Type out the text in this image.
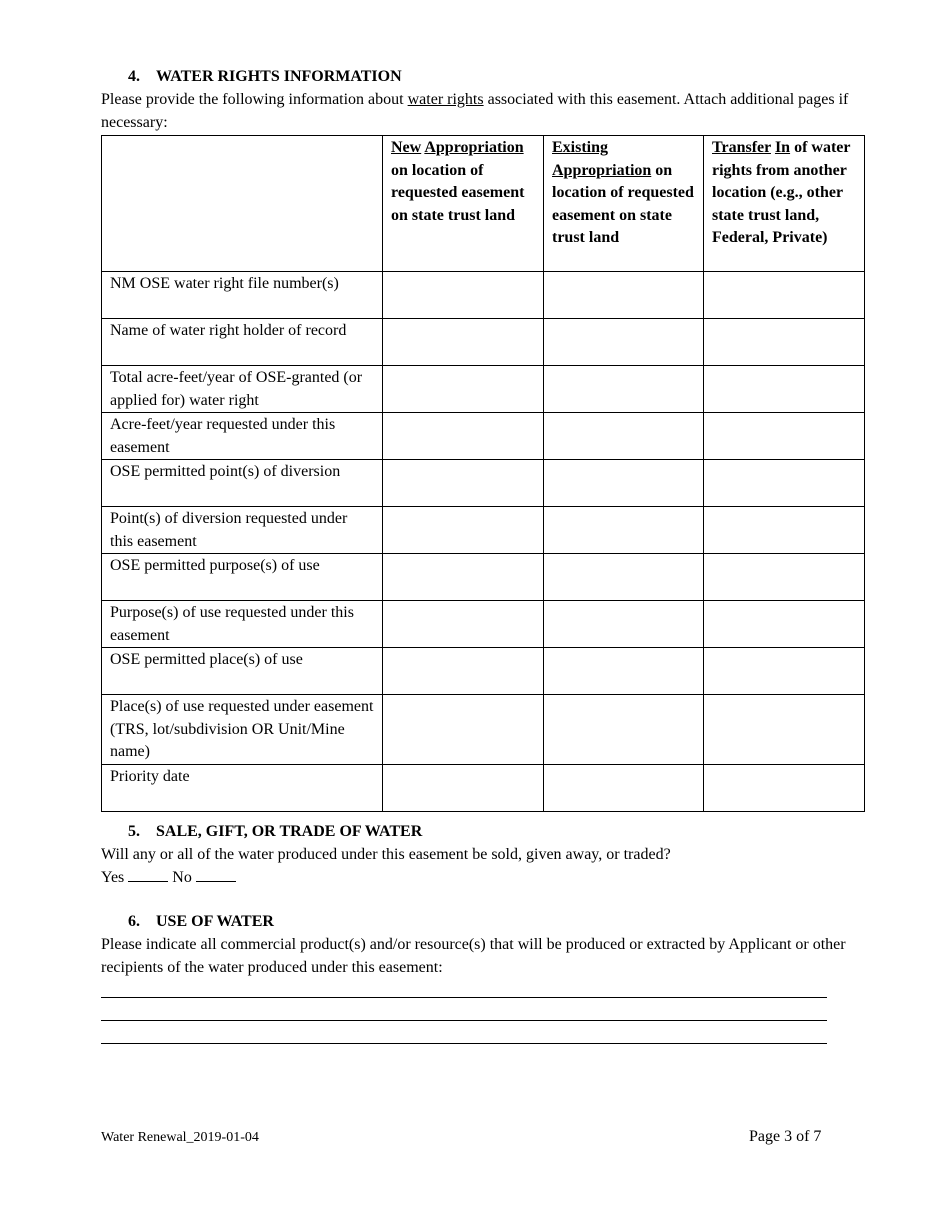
4. WATER RIGHTS INFORMATION
Please provide the following information about water rights associated with this easement. Attach additional pages if necessary:
	New Appropriation on location of requested easement on state trust land	Existing Appropriation on location of requested easement on state trust land	Transfer In of water rights from another location (e.g., other state trust land, Federal, Private)
NM OSE water right file number(s)			
Name of water right holder of record			
Total acre-feet/year of OSE-granted (or applied for) water right			
Acre-feet/year requested under this easement			
OSE permitted point(s) of diversion			
Point(s) of diversion requested under this easement			
OSE permitted purpose(s) of use			
Purpose(s) of use requested under this easement			
OSE permitted place(s) of use			
Place(s) of use requested under easement (TRS, lot/subdivision OR Unit/Mine name)			
Priority date			
5. SALE, GIFT, OR TRADE OF WATER
Will any or all of the water produced under this easement be sold, given away, or traded?
Yes	No
6. USE OF WATER
Please indicate all commercial product(s) and/or resource(s) that will be produced or extracted by Applicant or other recipients of the water produced under this easement:
Water Renewal_2019-01-04	Page 3 of 7
